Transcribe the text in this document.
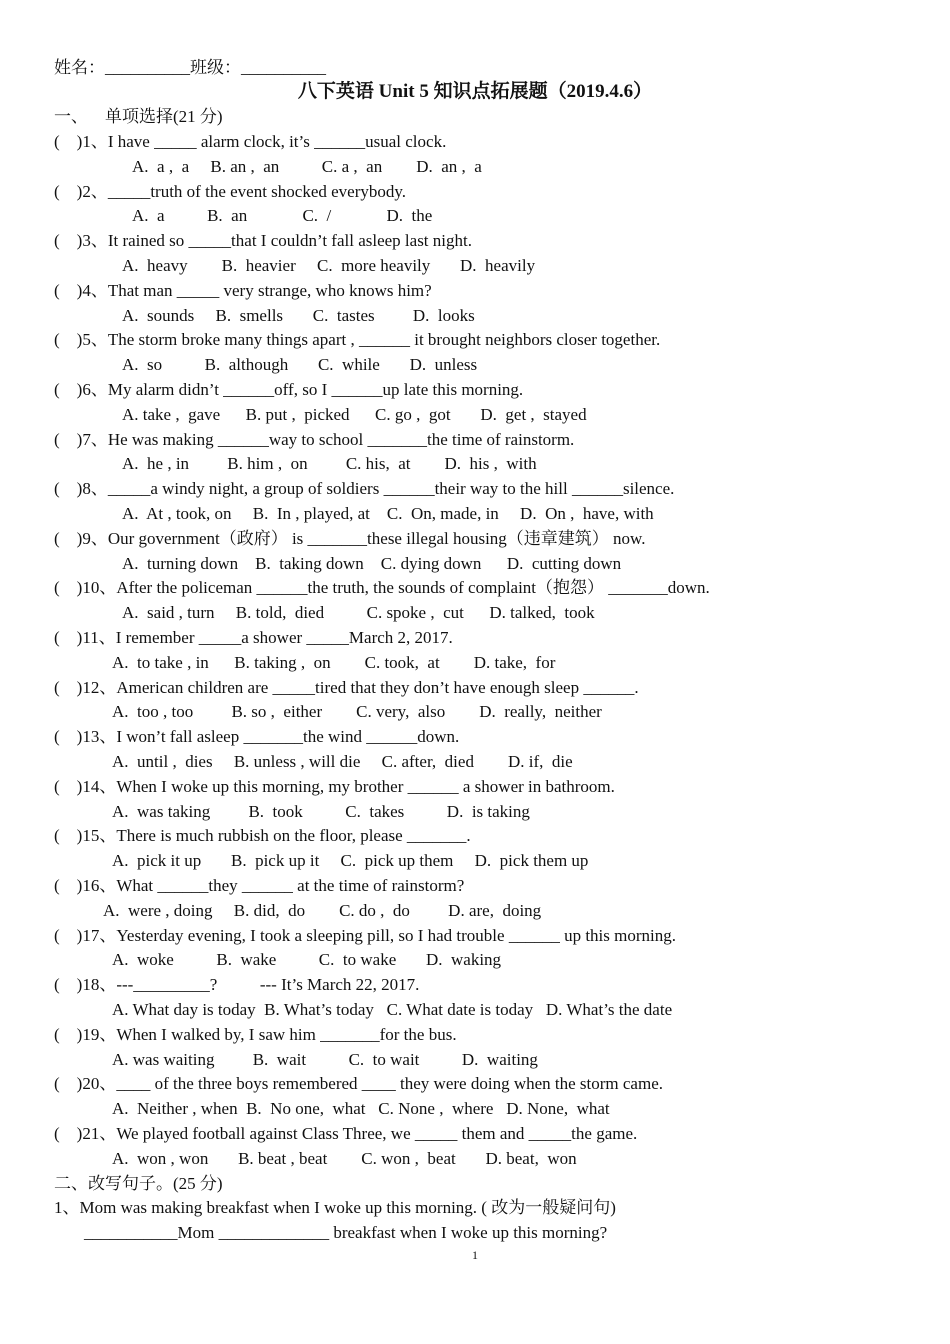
姓名：__________班级：__________
八下英语 Unit 5 知识点拓展题（2019.4.6）
一、    单项选择(21 分)
(    )1、I have _____ alarm clock, it’s ______usual clock.
A.  a ,  a     B. an ,  an          C. a ,  an        D.  an ,  a
(    )2、_____truth of the event shocked everybody.
A.  a          B.  an             C.  /             D.  the
(    )3、It rained so _____that I couldn’t fall asleep last night.
A.  heavy        B.  heavier     C.  more heavily       D.  heavily
(    )4、That man _____ very strange, who knows him?
A.  sounds     B.  smells       C.  tastes         D.  looks
(    )5、The storm broke many things apart , ______ it brought neighbors closer together.
A.  so          B.  although       C.  while       D.  unless
(    )6、My alarm didn’t ______off, so I ______up late this morning.
A. take ,  gave      B. put ,  picked      C. go ,  got       D.  get ,  stayed
(    )7、He was making ______way to school _______the time of rainstorm.
A.  he , in         B. him ,  on         C. his,  at        D.  his ,  with
(    )8、_____a windy night, a group of soldiers ______their way to the hill ______silence.
A.  At , took, on     B.  In , played, at    C.  On, made, in     D.  On ,  have, with
(    )9、Our government（政府） is _______these illegal housing（违章建筑） now.
A.  turning down    B.  taking down    C. dying down      D.  cutting down
(    )10、After the policeman ______the truth, the sounds of complaint（抱怨） _______down.
A.  said , turn     B. told,  died          C. spoke ,  cut      D. talked,  took
(    )11、I remember _____a shower _____March 2, 2017.
A.  to take , in      B. taking ,  on        C. took,  at        D. take,  for
(    )12、American children are _____tired that they don’t have enough sleep ______.
A.  too , too         B. so ,  either        C. very,  also        D.  really,  neither
(    )13、I won’t fall asleep _______the wind ______down.
A.  until ,  dies     B. unless , will die     C. after,  died        D. if,  die
(    )14、When I woke up this morning, my brother ______ a shower in bathroom.
A.  was taking         B.  took          C.  takes          D.  is taking
(    )15、There is much rubbish on the floor, please _______.
A.  pick it up       B.  pick up it     C.  pick up them     D.  pick them up
(    )16、What ______they ______ at the time of rainstorm?
A.  were , doing     B. did,  do        C. do ,  do         D. are,  doing
(    )17、Yesterday evening, I took a sleeping pill, so I had trouble ______ up this morning.
A.  woke          B.  wake          C.  to wake       D.  waking
(    )18、---_________?          --- It’s March 22, 2017.
A. What day is today  B. What’s today   C. What date is today   D. What’s the date
(    )19、When I walked by, I saw him _______for the bus.
A. was waiting         B.  wait          C.  to wait          D.  waiting
(    )20、____ of the three boys remembered ____ they were doing when the storm came.
A.  Neither , when  B.  No one,  what   C. None ,  where   D. None,  what
(    )21、We played football against Class Three, we _____ them and _____the game.
A.  won , won       B. beat , beat        C. won ,  beat       D. beat,  won
二、改写句子。(25 分)
1、Mom was making breakfast when I woke up this morning. ( 改为一般疑问句)
___________Mom _____________ breakfast when I woke up this morning?
1
